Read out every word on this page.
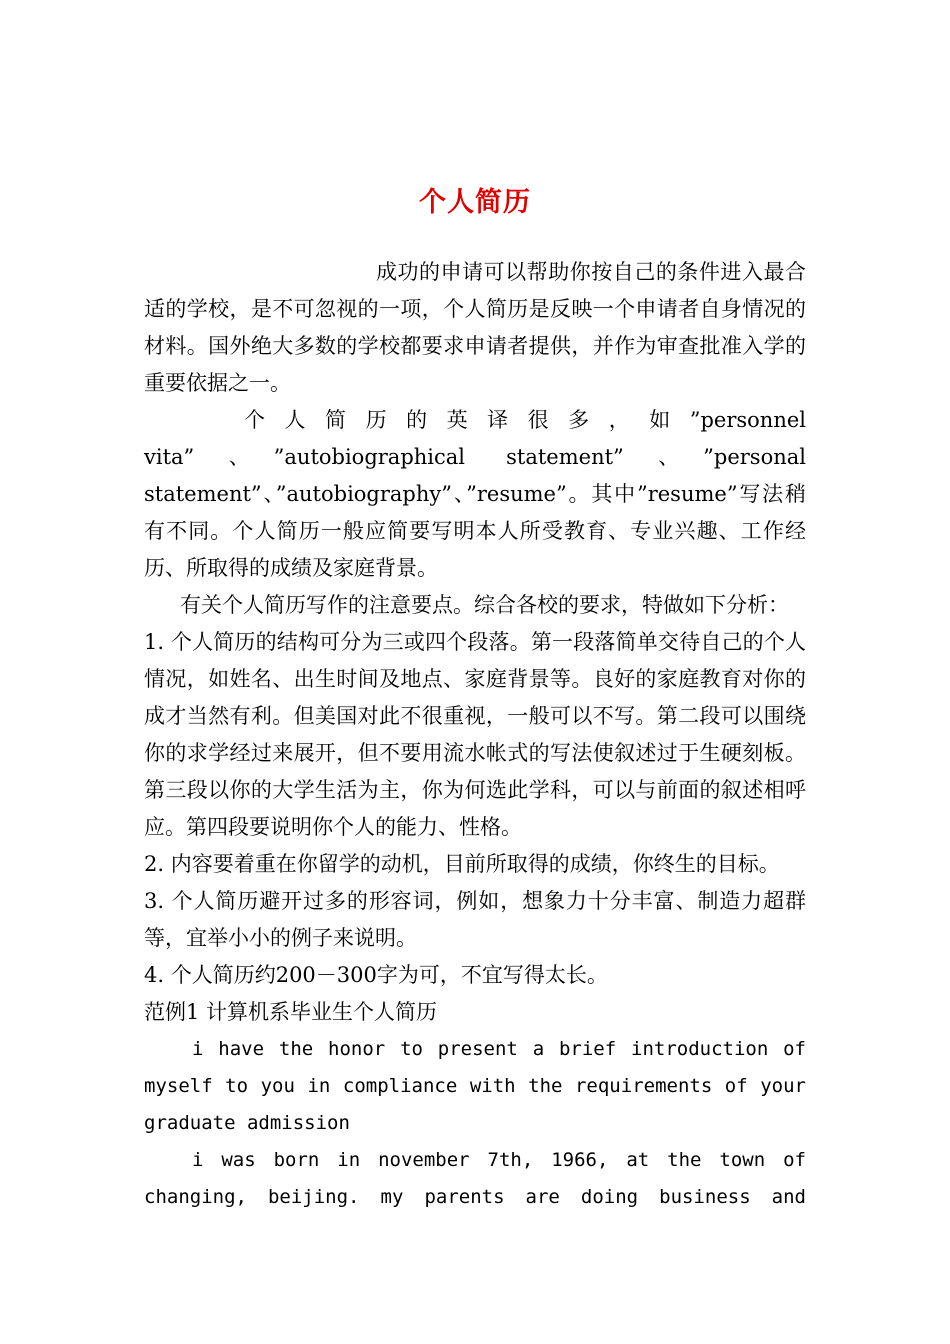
个人简历

成功的申请可以帮助你按自己的条件进入最合适的学校，是不可忽视的一项，个人简历是反映一个申请者自身情况的材料。国外绝大多数的学校都要求申请者提供，并作为审查批准入学的重要依据之一。

个人简历的英译很多，如”personnel vita”、”autobiographical statement”、”personal statement”、”autobiography”、”resume”。其中”resume”写法稍有不同。个人简历一般应简要写明本人所受教育、专业兴趣、工作经历、所取得的成绩及家庭背景。

有关个人简历写作的注意要点。综合各校的要求，特做如下分析：

1. 个人简历的结构可分为三或四个段落。第一段落简单交待自己的个人情况，如姓名、出生时间及地点、家庭背景等。良好的家庭教育对你的成才当然有利。但美国对此不很重视，一般可以不写。第二段可以围绕你的求学经过来展开，但不要用流水帐式的写法使叙述过于生硬刻板。第三段以你的大学生活为主，你为何选此学科，可以与前面的叙述相呼应。第四段要说明你个人的能力、性格。

2. 内容要着重在你留学的动机，目前所取得的成绩，你终生的目标。

3. 个人简历避开过多的形容词，例如，想象力十分丰富、制造力超群等，宜举小小的例子来说明。

4. 个人简历约200－300字为可，不宜写得太长。

范例1 计算机系毕业生个人简历

i have the honor to present a brief introduction of myself to you in compliance with the requirements of your graduate admission

i was born in november 7th, 1966, at the town of changing, beijing. my parents are doing business and
